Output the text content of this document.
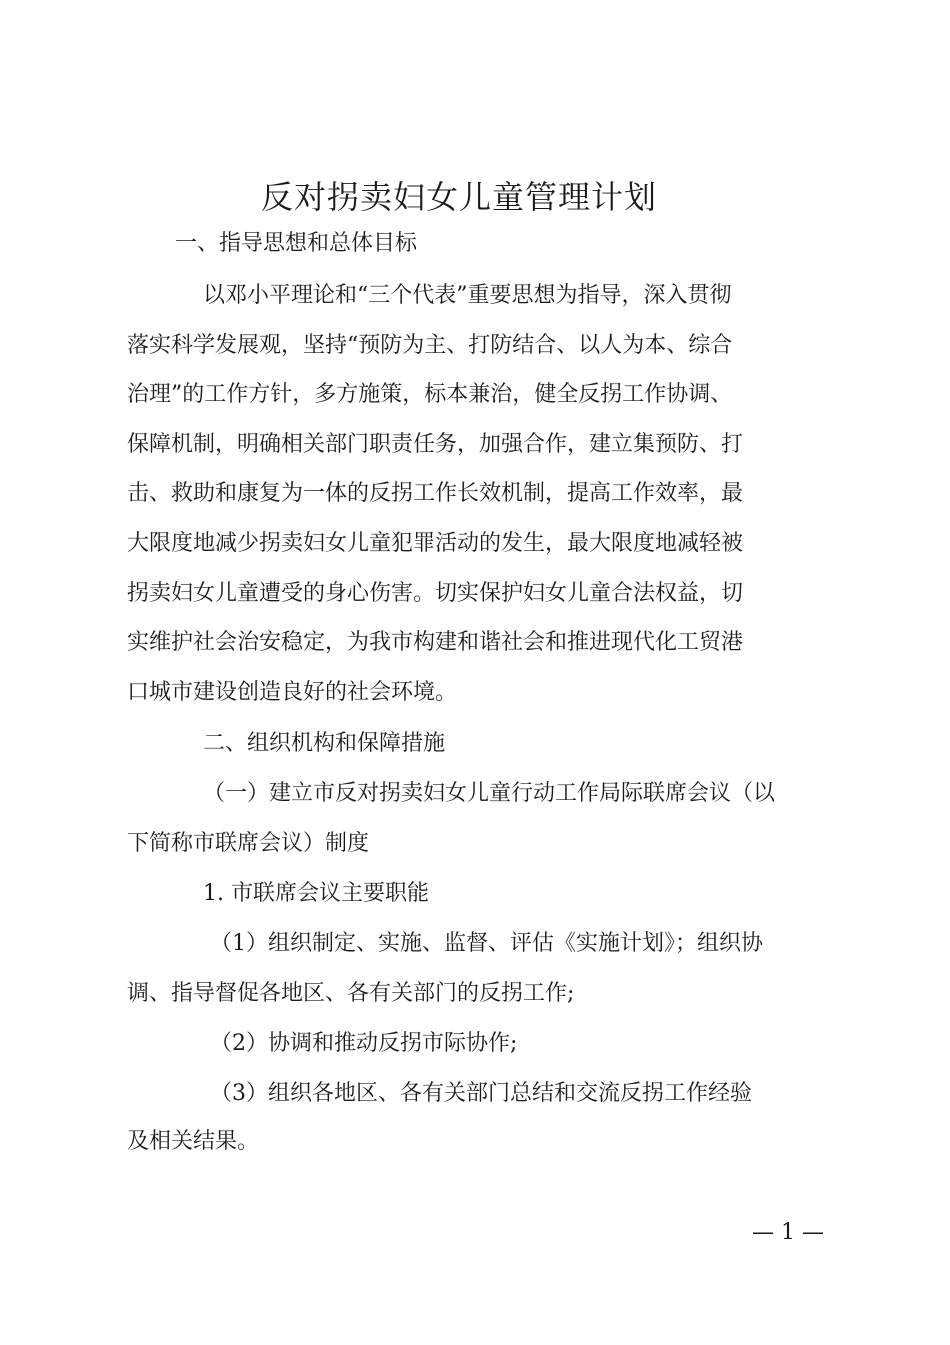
反对拐卖妇女儿童管理计划
一、指导思想和总体目标
以邓小平理论和“三个代表”重要思想为指导，深入贯彻
落实科学发展观，坚持“预防为主、打防结合、以人为本、综合
治理”的工作方针，多方施策，标本兼治，健全反拐工作协调、
保障机制，明确相关部门职责任务，加强合作，建立集预防、打
击、救助和康复为一体的反拐工作长效机制，提高工作效率，最
大限度地减少拐卖妇女儿童犯罪活动的发生，最大限度地减轻被
拐卖妇女儿童遭受的身心伤害。切实保护妇女儿童合法权益，切
实维护社会治安稳定，为我市构建和谐社会和推进现代化工贸港
口城市建设创造良好的社会环境。
二、组织机构和保障措施
（一）建立市反对拐卖妇女儿童行动工作局际联席会议（以
下简称市联席会议）制度
1. 市联席会议主要职能
（1）组织制定、实施、监督、评估《实施计划》；组织协
调、指导督促各地区、各有关部门的反拐工作;
（2）协调和推动反拐市际协作;
（3）组织各地区、各有关部门总结和交流反拐工作经验
及相关结果。
— 1 —
